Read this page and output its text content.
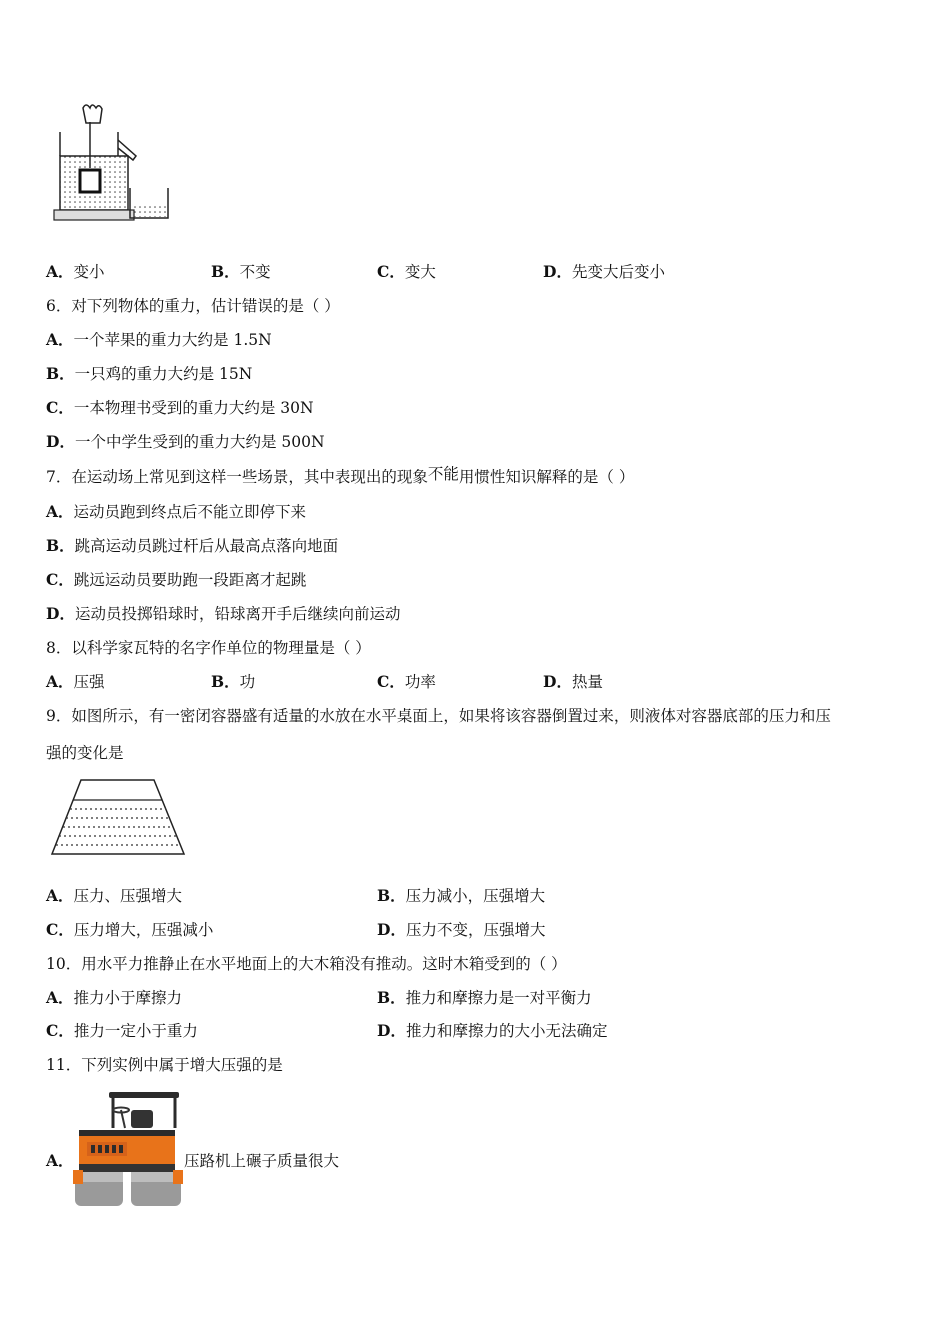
A．变小	B．不变	C．变大	D．先变大后变小
6．对下列物体的重力，估计错误的是（ ）
A．一个苹果的重力大约是 1.5N
B．一只鸡的重力大约是 15N
C．一本物理书受到的重力大约是 30N
D．一个中学生受到的重力大约是 500N
7．在运动场上常见到这样一些场景，其中表现出的现象不能用惯性知识解释的是（ ）
A．运动员跑到终点后不能立即停下来
B．跳高运动员跳过杆后从最高点落向地面
C．跳远运动员要助跑一段距离才起跳
D．运动员投掷铅球时，铅球离开手后继续向前运动
8．以科学家瓦特的名字作单位的物理量是（ ）
A．压强	B．功	C．功率	D．热量
9．如图所示，有一密闭容器盛有适量的水放在水平桌面上，如果将该容器倒置过来，则液体对容器底部的压力和压
强的变化是
A．压力、压强增大	B．压力减小，压强增大
C．压力增大，压强减小	D．压力不变，压强增大
10．用水平力推静止在水平地面上的大木箱没有推动。这时木箱受到的（ ）
A．推力小于摩擦力	B．推力和摩擦力是一对平衡力
C．推力一定小于重力	D．推力和摩擦力的大小无法确定
11．下列实例中属于增大压强的是
A．	压路机上碾子质量很大
